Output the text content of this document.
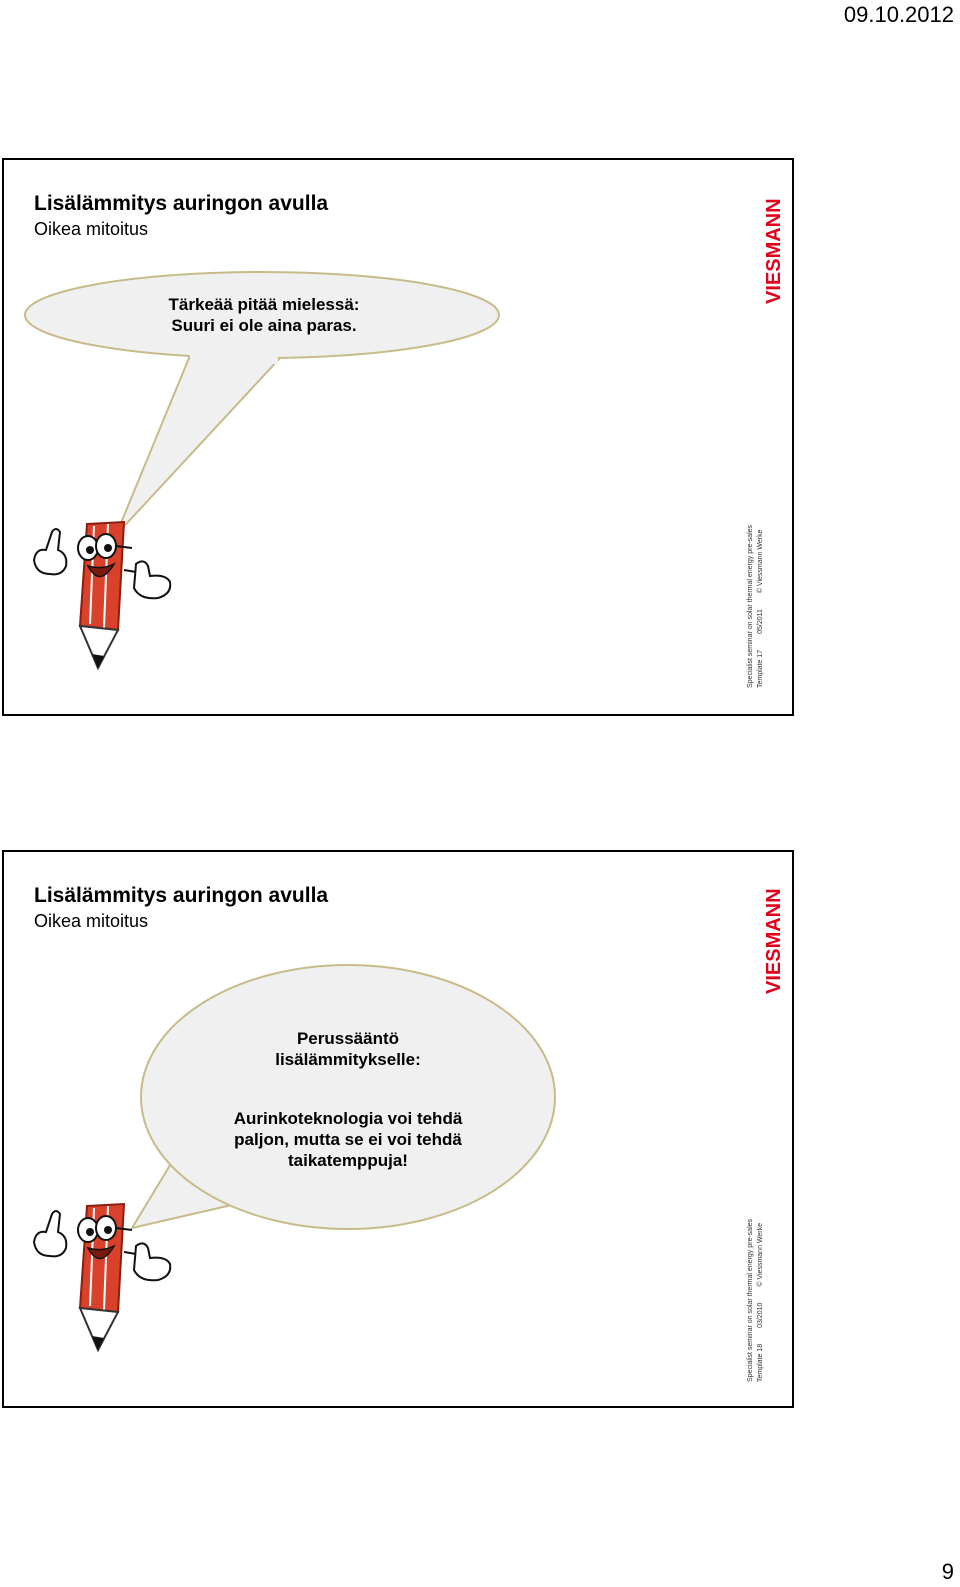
09.10.2012
Lisälämmitys auringon avulla
Oikea mitoitus
Tärkeää pitää mielessä:
Suuri ei ole aina paras.
VIESMANN
Specialist seminar on solar thermal energy pre-sales Template 17 05/2011 © Viessmann Werke
Lisälämmitys auringon avulla
Oikea mitoitus
Perussääntö
lisälämmitykselle:
Aurinkoteknologia voi tehdä
paljon, mutta se ei voi tehdä
taikatemppuja!
VIESMANN
Specialist seminar on solar thermal energy pre-sales Template 18 03/2010 © Viessmann Werke
9
